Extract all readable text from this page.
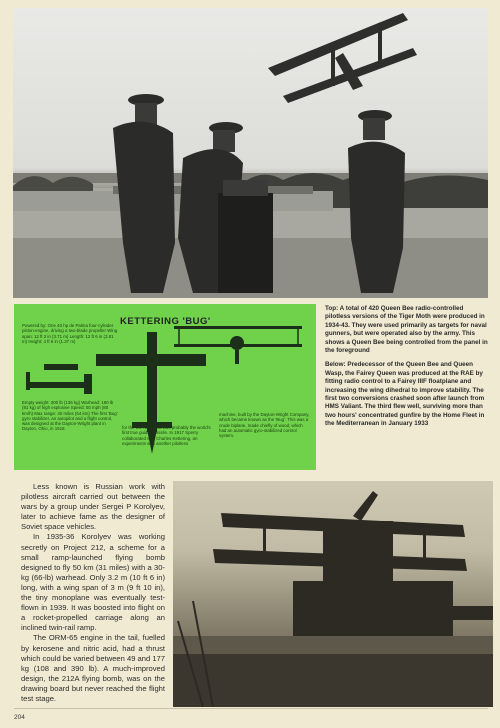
Top: A total of 420 Queen Bee radio-controlled pilotless versions of the Tiger Moth were produced in 1934-43. They were used primarily as targets for naval gunners, but were operated also by the army. This shows a Queen Bee being controlled from the panel in the foreground

Below: Predecessor of the Queen Bee and Queen Wasp, the Fairey Queen was produced at the RAE by fitting radio control to a Fairey IIIF floatplane and increasing the wing dihedral to improve stability. The first two conversions crashed soon after launch from HMS Valiant. The third flew well, surviving more than two hours' concentrated gunfire by the Home Fleet in the Mediterranean in January 1933

KETTERING 'BUG'
Powered by: One 40 hp de Palma four-cylinder piston-engine, driving a two-blade propeller Wing span: 12 ft 2 in (3.71 m) Length: 12 ft 6 in (3.81 m) Height: 4 ft 6 in (1.37 m)
Empty weight: 300 lb (136 kg) Warhead: 180 lb (81 kg) of high explosive Speed: 50 mph (80 km/h) Max range: 40 miles (64 km) The first 'Bug' gyro stabilizer, an autopilot and a flight control, was designed at the Dayton-Wright plant in Dayton, Ohio, in 1918.	for the US Navy and was probably the world's first true guided missile. In 1917 Sperry collaborated with Charles Kettering, an experiments with another pilotless
machine, built by the Dayton-Wright Company, which became known as the 'Bug'. This was a crude biplane, made chiefly of wood, which had an automatic gyro-stabilized control system.

Less known is Russian work with pilotless aircraft carried out between the wars by a group under Sergei P Korolyev, later to achieve fame as the designer of Soviet space vehicles.

In 1935-36 Korolyev was working secretly on Project 212, a scheme for a small ramp-launched flying bomb designed to fly 50 km (31 miles) with a 30-kg (66-lb) warhead. Only 3.2 m (10 ft 6 in) long, with a wing span of 3 m (9 ft 10 in), the tiny monoplane was eventually test-flown in 1939. It was boosted into flight on a rocket-propelled carriage along an inclined twin-rail ramp.

The ORM-65 engine in the tail, fuelled by kerosene and nitric acid, had a thrust which could be varied between 49 and 177 kg (108 and 390 lb). A much-improved design, the 212A flying bomb, was on the drawing board but never reached the flight test stage.

204
